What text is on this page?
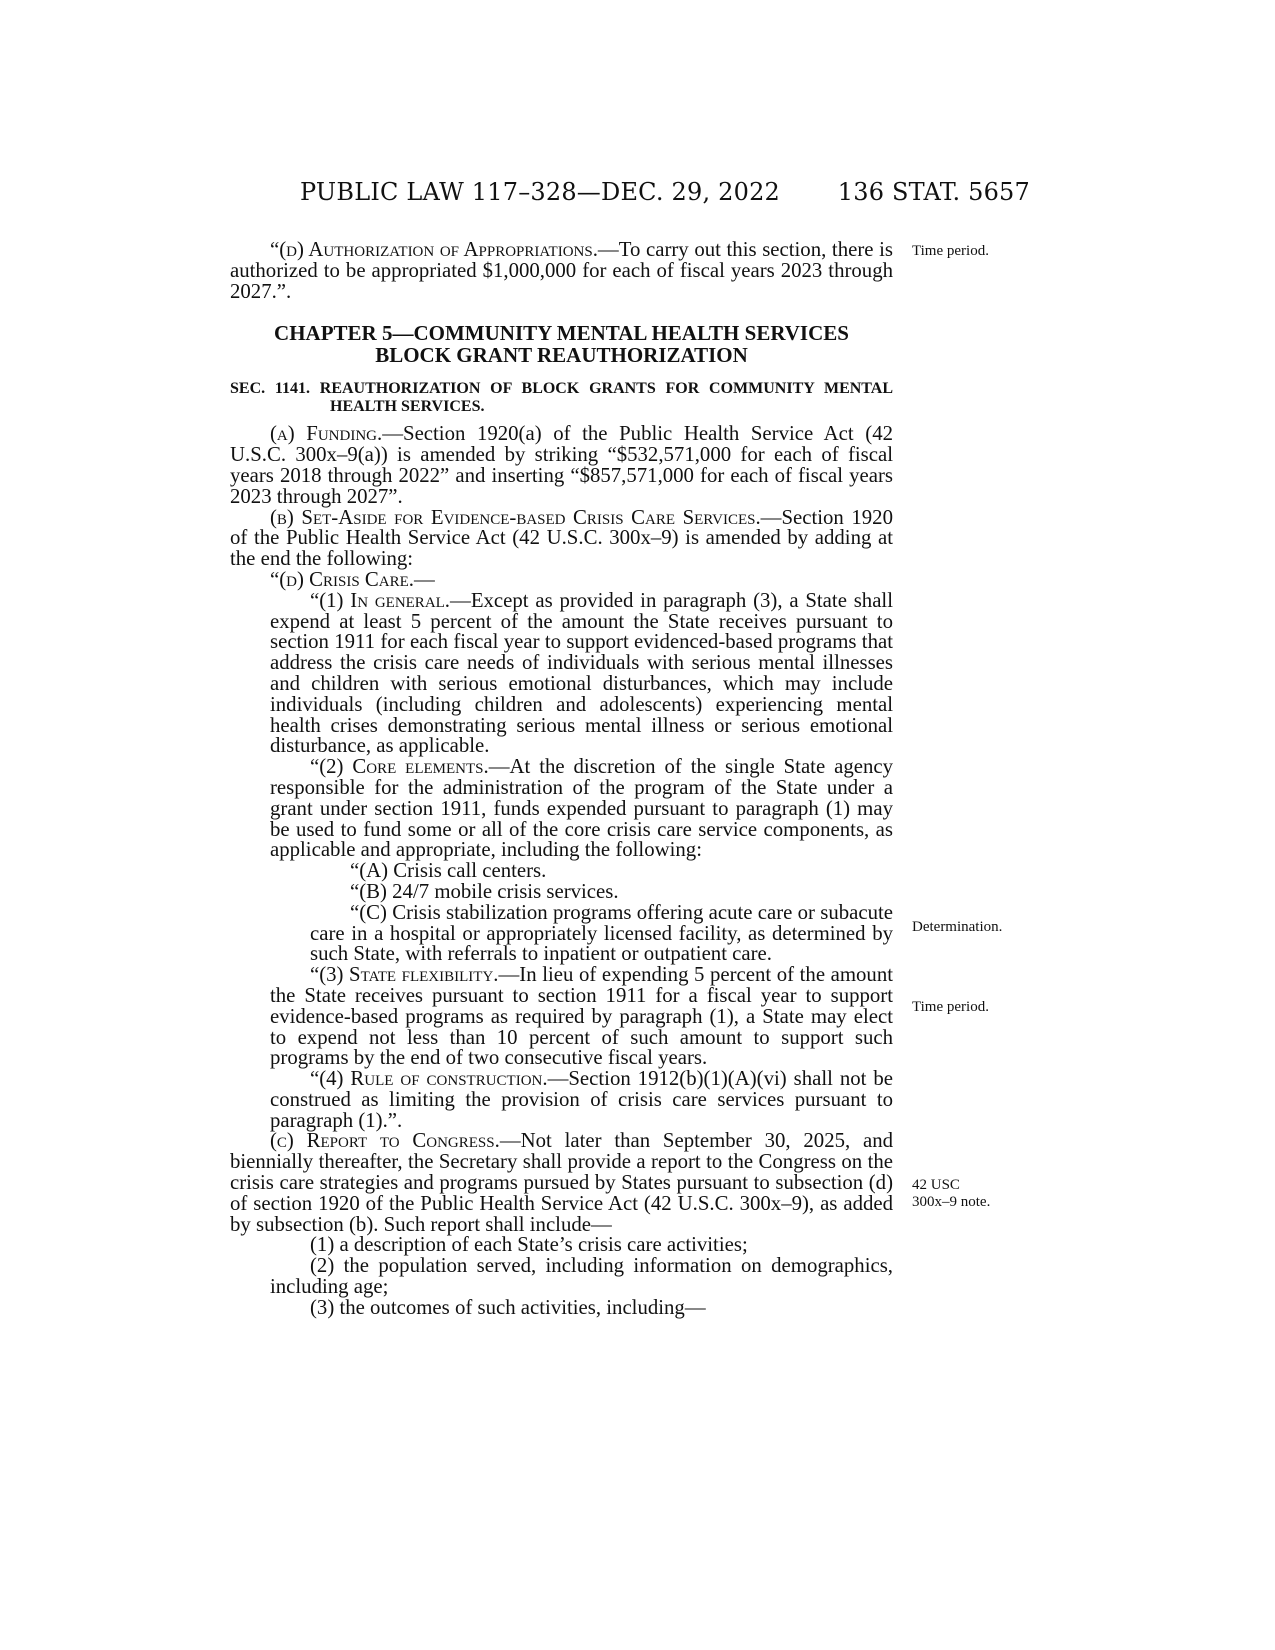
PUBLIC LAW 117–328—DEC. 29, 2022 136 STAT. 5657
Time period.
Determination.
Time period.
42 USC
300x–9 note.

“(d) Authorization of Appropriations.—To carry out this section, there is authorized to be appropriated $1,000,000 for each of fiscal years 2023 through 2027.”.

CHAPTER 5—COMMUNITY MENTAL HEALTH SERVICES
BLOCK GRANT REAUTHORIZATION
SEC. 1141. REAUTHORIZATION OF BLOCK GRANTS FOR COMMUNITY MENTAL HEALTH SERVICES.

(a) Funding.—Section 1920(a) of the Public Health Service Act (42 U.S.C. 300x–9(a)) is amended by striking “$532,571,000 for each of fiscal years 2018 through 2022” and inserting “$857,571,000 for each of fiscal years 2023 through 2027”.

(b) Set-Aside for Evidence-based Crisis Care Services.—Section 1920 of the Public Health Service Act (42 U.S.C. 300x–9) is amended by adding at the end the following:

“(d) Crisis Care.—

“(1) In general.—Except as provided in paragraph (3), a State shall expend at least 5 percent of the amount the State receives pursuant to section 1911 for each fiscal year to support evidenced-based programs that address the crisis care needs of individuals with serious mental illnesses and children with serious emotional disturbances, which may include individuals (including children and adolescents) experiencing mental health crises demonstrating serious mental illness or serious emotional disturbance, as applicable.

“(2) Core elements.—At the discretion of the single State agency responsible for the administration of the program of the State under a grant under section 1911, funds expended pursuant to paragraph (1) may be used to fund some or all of the core crisis care service components, as applicable and appropriate, including the following:

“(A) Crisis call centers.

“(B) 24/7 mobile crisis services.

“(C) Crisis stabilization programs offering acute care or subacute care in a hospital or appropriately licensed facility, as determined by such State, with referrals to inpatient or outpatient care.

“(3) State flexibility.—In lieu of expending 5 percent of the amount the State receives pursuant to section 1911 for a fiscal year to support evidence-based programs as required by paragraph (1), a State may elect to expend not less than 10 percent of such amount to support such programs by the end of two consecutive fiscal years.

“(4) Rule of construction.—Section 1912(b)(1)(A)(vi) shall not be construed as limiting the provision of crisis care services pursuant to paragraph (1).”.

(c) Report to Congress.—Not later than September 30, 2025, and biennially thereafter, the Secretary shall provide a report to the Congress on the crisis care strategies and programs pursued by States pursuant to subsection (d) of section 1920 of the Public Health Service Act (42 U.S.C. 300x–9), as added by subsection (b). Such report shall include—

(1) a description of each State’s crisis care activities;

(2) the population served, including information on demographics, including age;

(3) the outcomes of such activities, including—
